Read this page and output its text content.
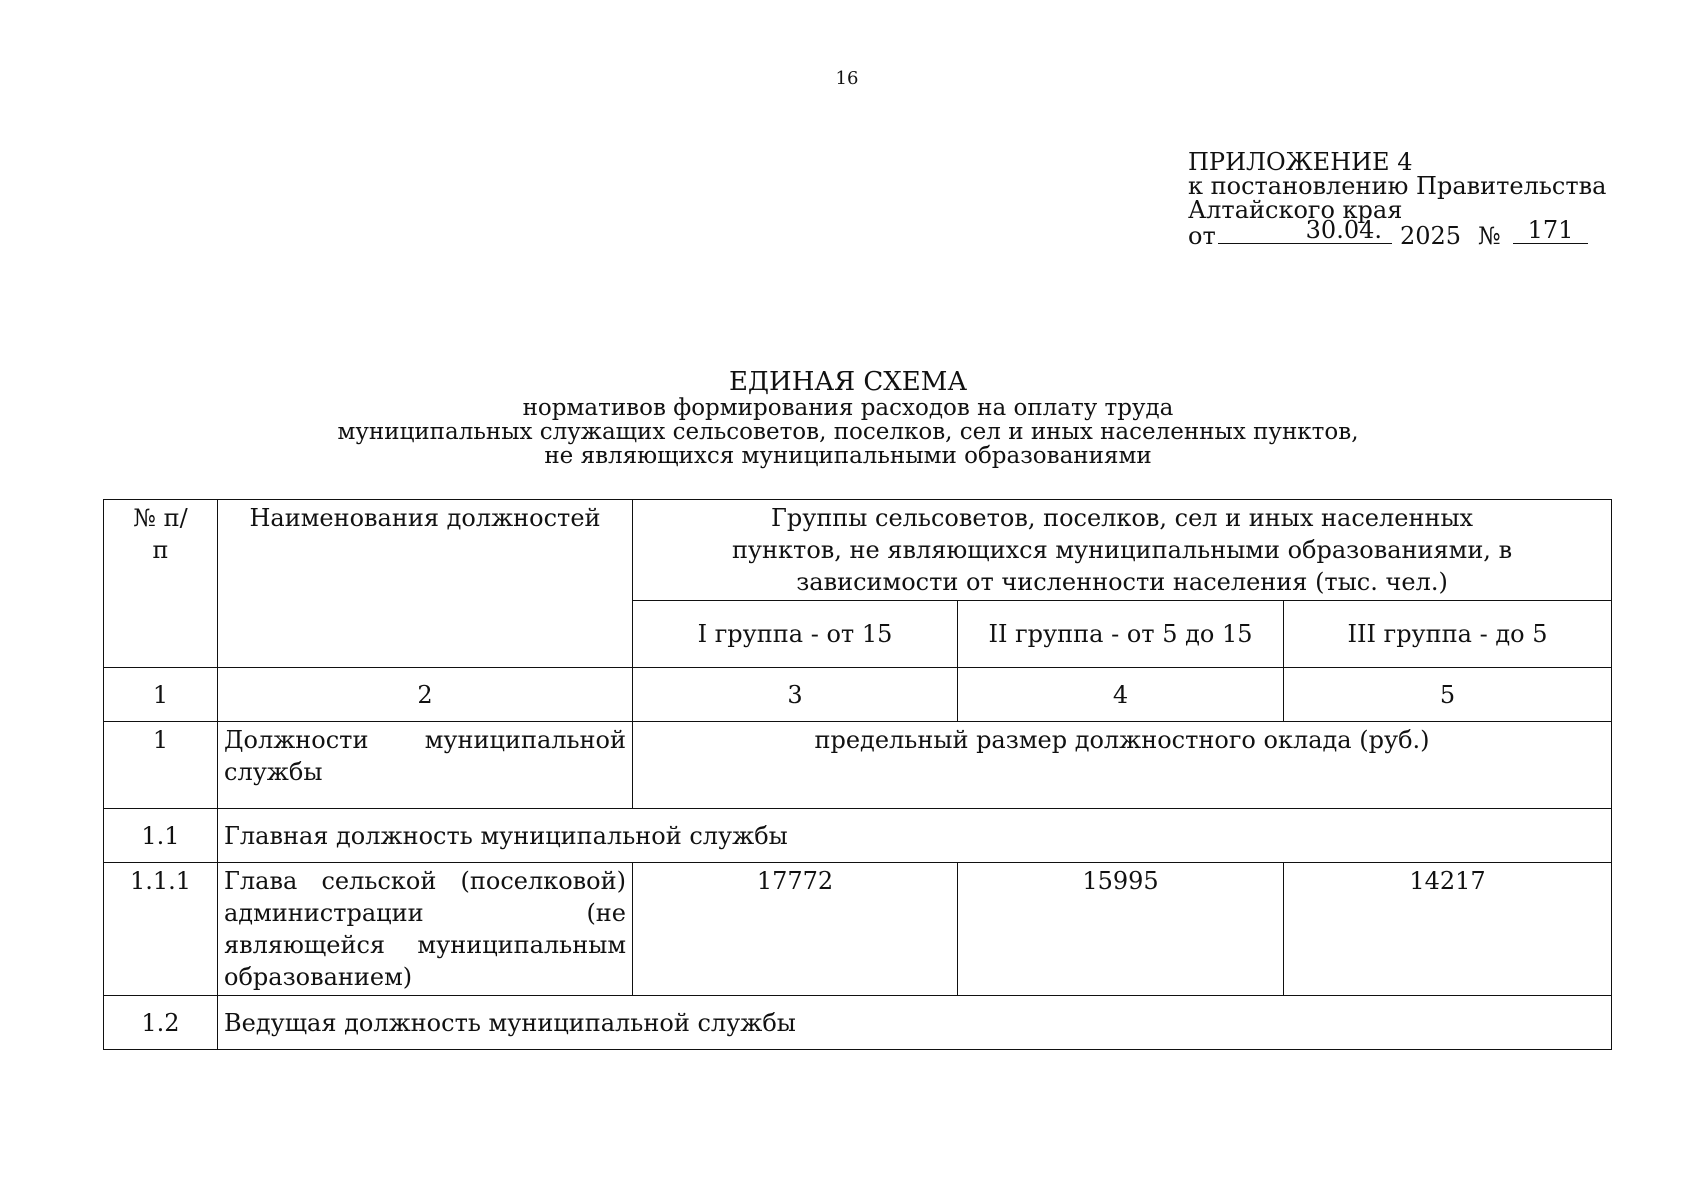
16
ПРИЛОЖЕНИЕ 4
к постановлению Правительства
Алтайского края
от	30.04. 2025 №	171
ЕДИНАЯ СХЕМА
нормативов формирования расходов на оплату труда
муниципальных служащих сельсоветов, поселков, сел и иных населенных пунктов,
не являющихся муниципальными образованиями
№ п/п	Наименования должностей	Группы сельсоветов, поселков, сел и иных населенных пунктов, не являющихся муниципальными образованиями, в зависимости от численности населения (тыс. чел.)		
		I группа - от 15	II группа - от 5 до 15	III группа - до 5
1	2	3	4	5
1	Должности муниципальной службы	предельный размер должностного оклада (руб.)		
1.1	Главная должность муниципальной службы			
1.1.1	Глава сельской (поселковой) администрации (не являющейся муниципальным образованием)	17772	15995	14217
1.2	Ведущая должность муниципальной службы			
